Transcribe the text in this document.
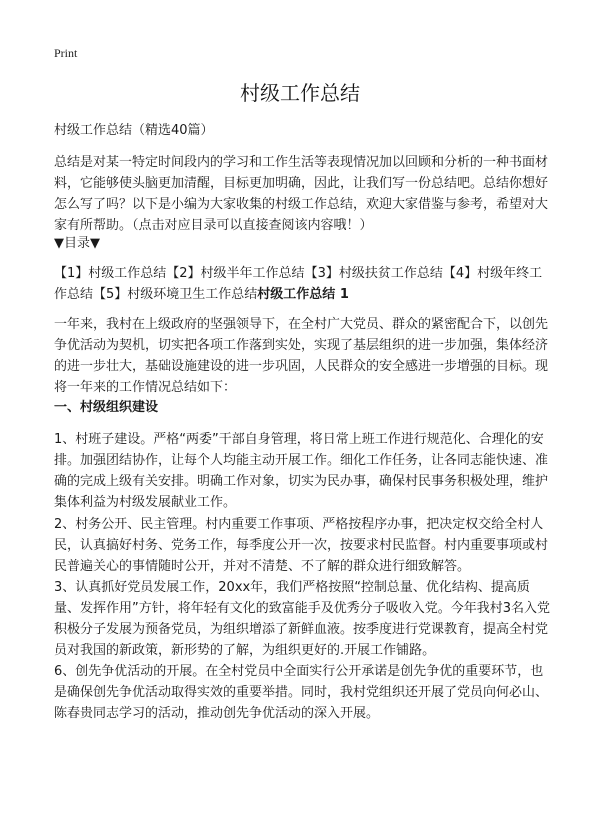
Print
村级工作总结
村级工作总结（精选40篇）
总结是对某一特定时间段内的学习和工作生活等表现情况加以回顾和分析的一种书面材料，它能够使头脑更加清醒，目标更加明确，因此，让我们写一份总结吧。总结你想好怎么写了吗？以下是小编为大家收集的村级工作总结，欢迎大家借鉴与参考，希望对大家有所帮助。（点击对应目录可以直接查阅该内容哦！）
▼目录▼
【1】村级工作总结【2】村级半年工作总结【3】村级扶贫工作总结【4】村级年终工作总结【5】村级环境卫生工作总结村级工作总结 1
一年来，我村在上级政府的坚强领导下，在全村广大党员、群众的紧密配合下，以创先争优活动为契机，切实把各项工作落到实处，实现了基层组织的进一步加强，集体经济的进一步壮大，基础设施建设的进一步巩固，人民群众的安全感进一步增强的目标。现将一年来的工作情况总结如下：
一、村级组织建设
1、村班子建设。严格“两委”干部自身管理，将日常上班工作进行规范化、合理化的安排。加强团结协作，让每个人均能主动开展工作。细化工作任务，让各同志能快速、准确的完成上级有关安排。明确工作对象，切实为民办事，确保村民事务积极处理，维护集体利益为村级发展献业工作。
2、村务公开、民主管理。村内重要工作事项、严格按程序办事，把决定权交给全村人民，认真搞好村务、党务工作，每季度公开一次，按要求村民监督。村内重要事项或村民普遍关心的事情随时公开，并对不清楚、不了解的群众进行细致解答。
3、认真抓好党员发展工作，20xx年，我们严格按照“控制总量、优化结构、提高质量、发挥作用”方针，将年轻有文化的致富能手及优秀分子吸收入党。今年我村3名入党积极分子发展为预备党员，为组织增添了新鲜血液。按季度进行党课教育，提高全村党员对我国的新政策，新形势的了解，为组织更好的.开展工作铺路。
6、创先争优活动的开展。在全村党员中全面实行公开承诺是创先争优的重要环节，也是确保创先争优活动取得实效的重要举措。同时，我村党组织还开展了党员向何必山、陈春贵同志学习的活动，推动创先争优活动的深入开展。
